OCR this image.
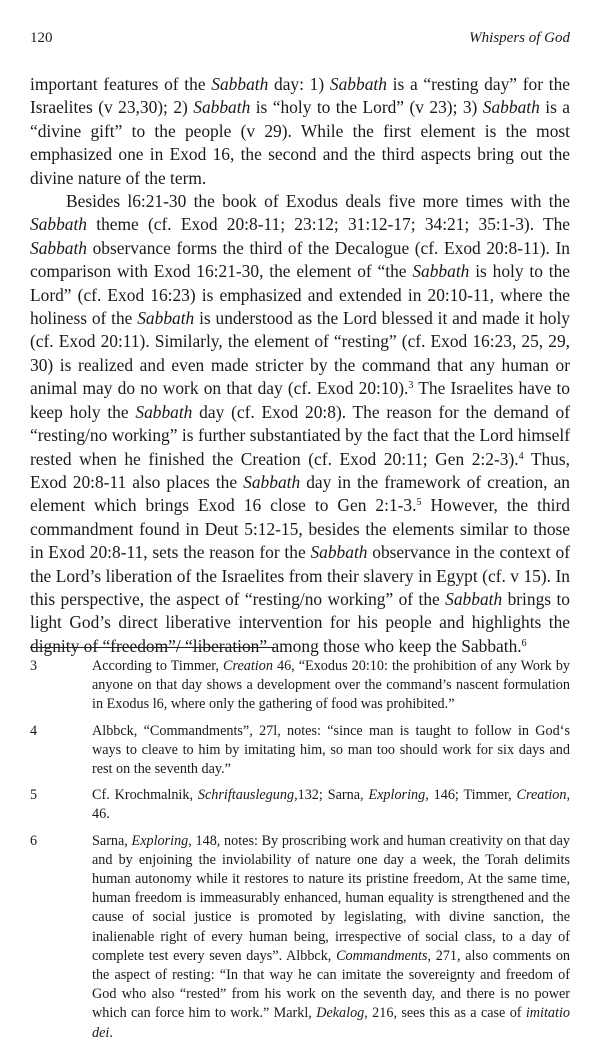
120	Whispers of God

important features of the Sabbath day: 1) Sabbath is a “resting day” for the Israelites (v 23,30); 2) Sabbath is “holy to the Lord” (v 23); 3) Sabbath is a “divine gift” to the people (v 29). While the first element is the most emphasized one in Exod 16, the second and the third aspects bring out the divine nature of the term.

Besides l6:21-30 the book of Exodus deals five more times with the Sabbath theme (cf. Exod 20:8-11; 23:12; 31:12-17; 34:21; 35:1-3). The Sabbath observance forms the third of the Decalogue (cf. Exod 20:8-11). In comparison with Exod 16:21-30, the element of “the Sabbath is holy to the Lord” (cf. Exod 16:23) is emphasized and extended in 20:10-11, where the holiness of the Sabbath is understood as the Lord blessed it and made it holy (cf. Exod 20:11). Similarly, the element of “resting” (cf. Exod 16:23, 25, 29, 30) is realized and even made stricter by the command that any human or animal may do no work on that day (cf. Exod 20:10).$^3$ The Israelites have to keep holy the Sabbath day (cf. Exod 20:8). The reason for the demand of “resting/no working” is further substantiated by the fact that the Lord himself rested when he finished the Creation (cf. Exod 20:11; Gen 2:2-3).$^4$ Thus, Exod 20:8-11 also places the Sabbath day in the framework of creation, an element which brings Exod 16 close to Gen 2:1-3.$^5$ However, the third commandment found in Deut 5:12-15, besides the elements similar to those in Exod 20:8-11, sets the reason for the Sabbath observance in the context of the Lord’s liberation of the Israelites from their slavery in Egypt (cf. v 15). In this perspective, the aspect of “resting/no working” of the Sabbath brings to light God’s direct liberative intervention for his people and highlights the dignity of “freedom”/ “liberation” among those who keep the Sabbath.$^6$

3	According to Timmer, Creation 46, “Exodus 20:10: the prohibition of any Work by anyone on that day shows a development over the command’s nascent formulation in Exodus l6, where only the gathering of food was prohibited.”
4	Albbck, “Commandments”, 27l, notes: “since man is taught to follow in God‘s ways to cleave to him by imitating him, so man too should work for six days and rest on the seventh day.”
5	Cf. Krochmalnik, Schriftauslegung,132; Sarna, Exploring, 146; Timmer, Creation, 46.
6	Sarna, Exploring, 148, notes: By proscribing work and human creativity on that day and by enjoining the inviolability of nature one day a week, the Torah delimits human autonomy while it restores to nature its pristine freedom, At the same time, human freedom is immeasurably enhanced, human equality is strengthened and the cause of social justice is promoted by legislating, with divine sanction, the inalienable right of every human being, irrespective of social class, to a day of complete test every seven days”. Albbck, Commandments, 271, also comments on the aspect of resting: “In that way he can imitate the sovereignty and freedom of God who also “rested” from his work on the seventh day, and there is no power which can force him to work.” Markl, Dekalog, 216, sees this as a case of imitatio dei.
